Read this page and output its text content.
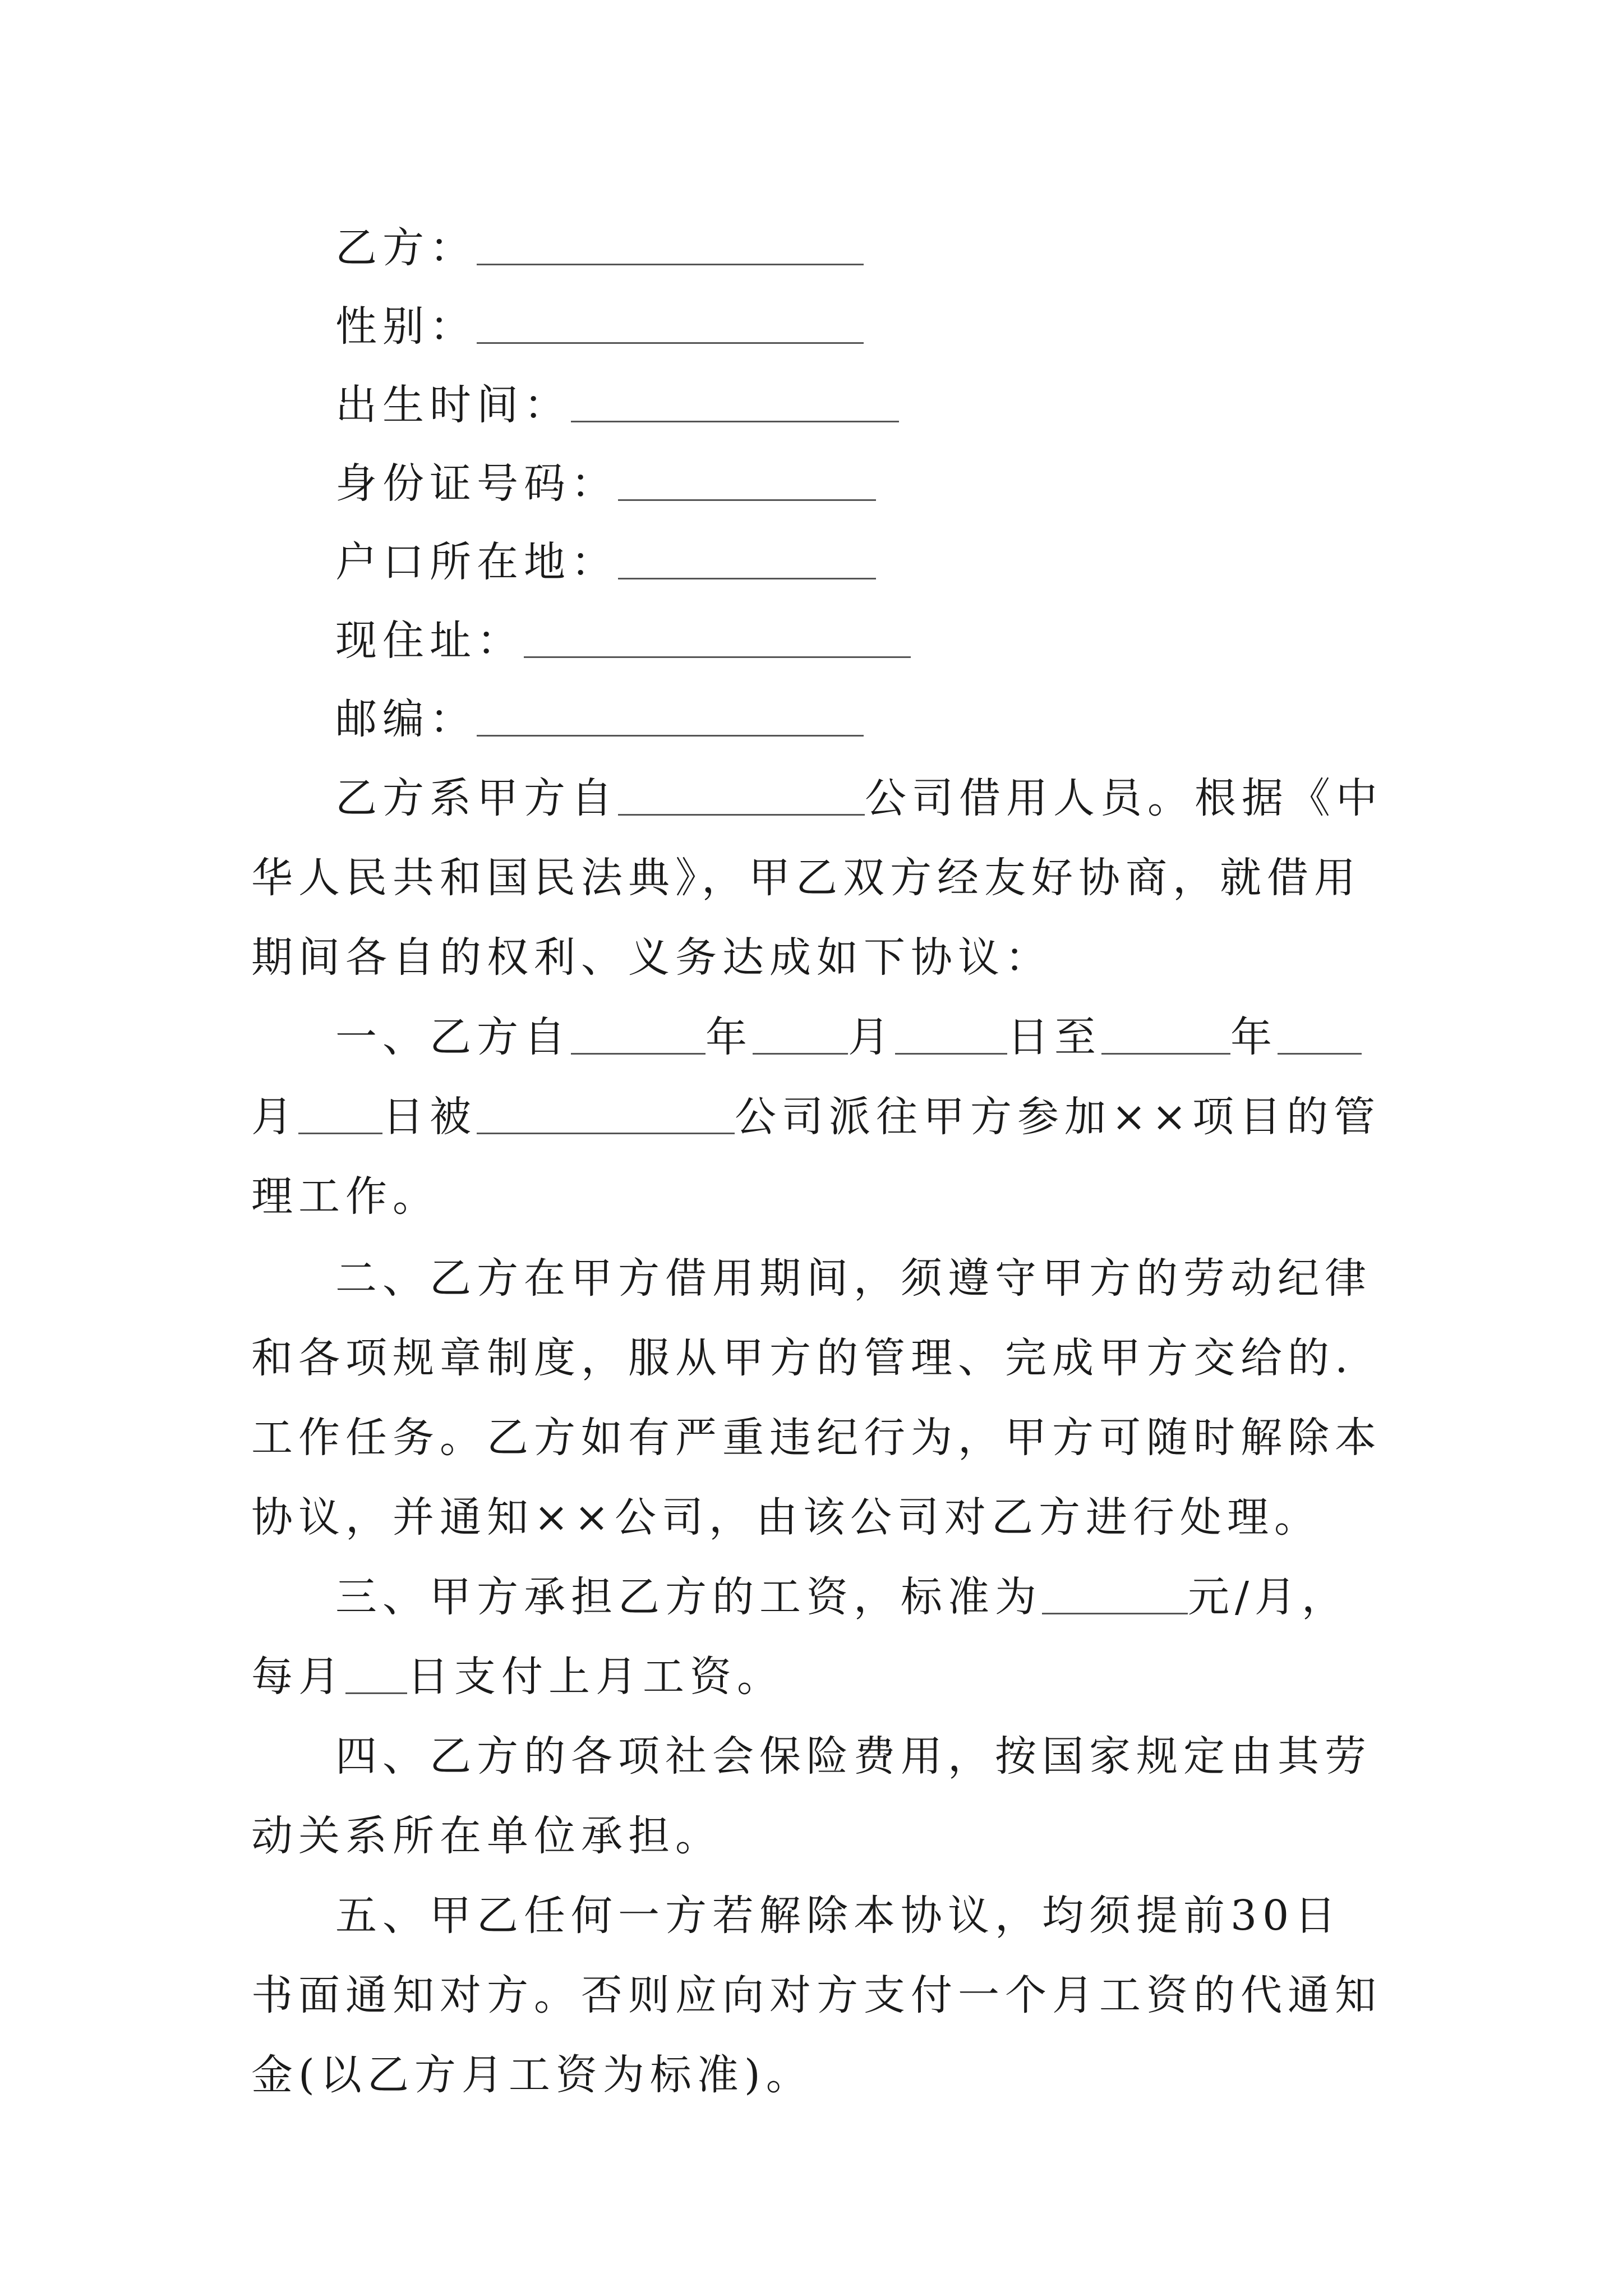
乙方：
性别：
出生时间：
身份证号码：
户口所在地：
现住址：
邮编：

乙方系甲方自	公司借用人员。根据《中华人民共和国民法典》，甲乙双方经友好协商，就借用期间各自的权利、义务达成如下协议：

一、乙方自	年 月	日至	年月 日被	公司派往甲方参加××项目的管理工作。

二、乙方在甲方借用期间，须遵守甲方的劳动纪律和各项规章制度，服从甲方的管理、完成甲方交给的.工作任务。乙方如有严重违纪行为，甲方可随时解除本协议，并通知××公司，由该公司对乙方进行处理。

三、甲方承担乙方的工资，标准为	元/月，每月 日支付上月工资。

四、乙方的各项社会保险费用，按国家规定由其劳动关系所在单位承担。

五、甲乙任何一方若解除本协议，均须提前30日书面通知对方。否则应向对方支付一个月工资的代通知金(以乙方月工资为标准)。
